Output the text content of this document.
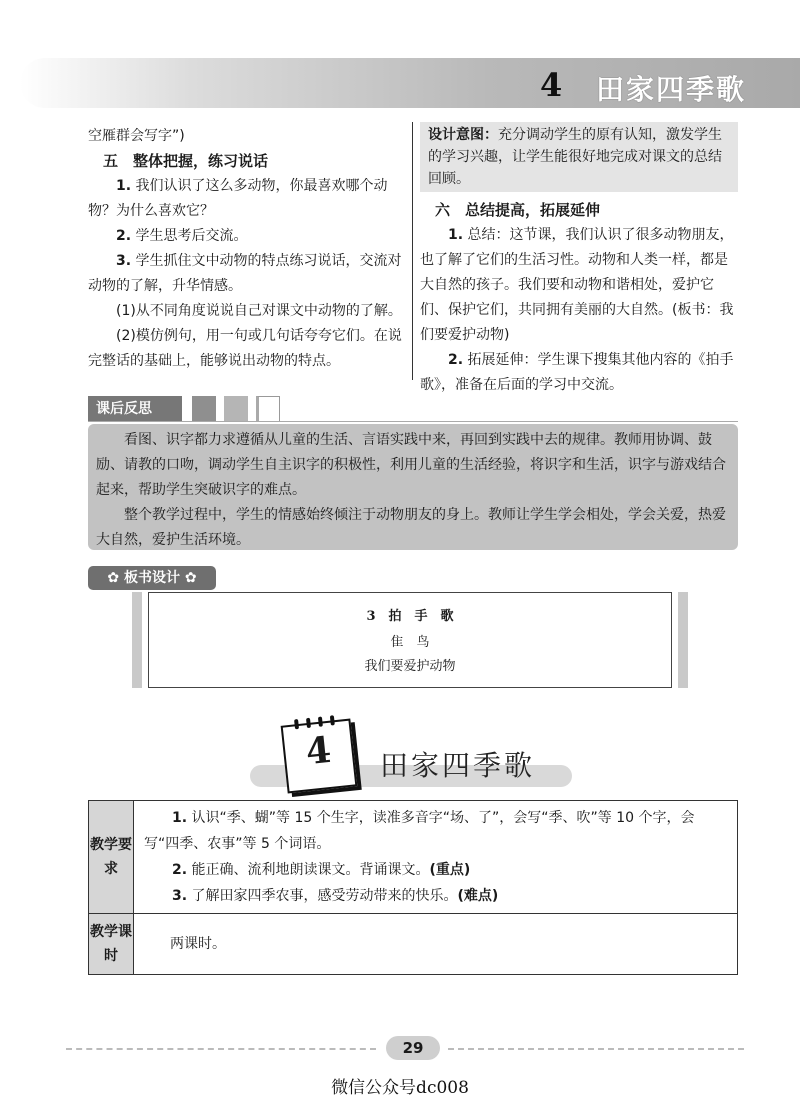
4 田家四季歌

空雁群会写字”)

五　整体把握，练习说话

1. 我们认识了这么多动物，你最喜欢哪个动物？为什么喜欢它？

2. 学生思考后交流。

3. 学生抓住文中动物的特点练习说话，交流对动物的了解，升华情感。

(1)从不同角度说说自己对课文中动物的了解。

(2)模仿例句，用一句或几句话夸夸它们。在说完整话的基础上，能够说出动物的特点。

设计意图：充分调动学生的原有认知，激发学生的学习兴趣，让学生能很好地完成对课文的总结回顾。

六　总结提高，拓展延伸

1. 总结：这节课，我们认识了很多动物朋友，也了解了它们的生活习性。动物和人类一样，都是大自然的孩子。我们要和动物和谐相处，爱护它们、保护它们，共同拥有美丽的大自然。(板书：我们要爱护动物)

2. 拓展延伸：学生课下搜集其他内容的《拍手歌》，准备在后面的学习中交流。

课后反思

看图、识字都力求遵循从儿童的生活、言语实践中来，再回到实践中去的规律。教师用协调、鼓励、请教的口吻，调动学生自主识字的积极性，利用儿童的生活经验，将识字和生活，识字与游戏结合起来，帮助学生突破识字的难点。

整个教学过程中，学生的情感始终倾注于动物朋友的身上。教师让学生学会相处，学会关爱，热爱大自然，爱护生活环境。

✿ 板书设计 ✿
3　拍　手　歌
隹　鸟
我们要爱护动物
4	田家四季歌
教学要求	1. 认识“季、蝴”等 15 个生字，读准多音字“场、了”，会写“季、吹”等 10 个字，会写“四季、农事”等 5 个词语。

2. 能正确、流利地朗读课文。背诵课文。(重点)

3. 了解田家四季农事，感受劳动带来的快乐。(难点)

教学课时	两课时。
29
微信公众号dc008
